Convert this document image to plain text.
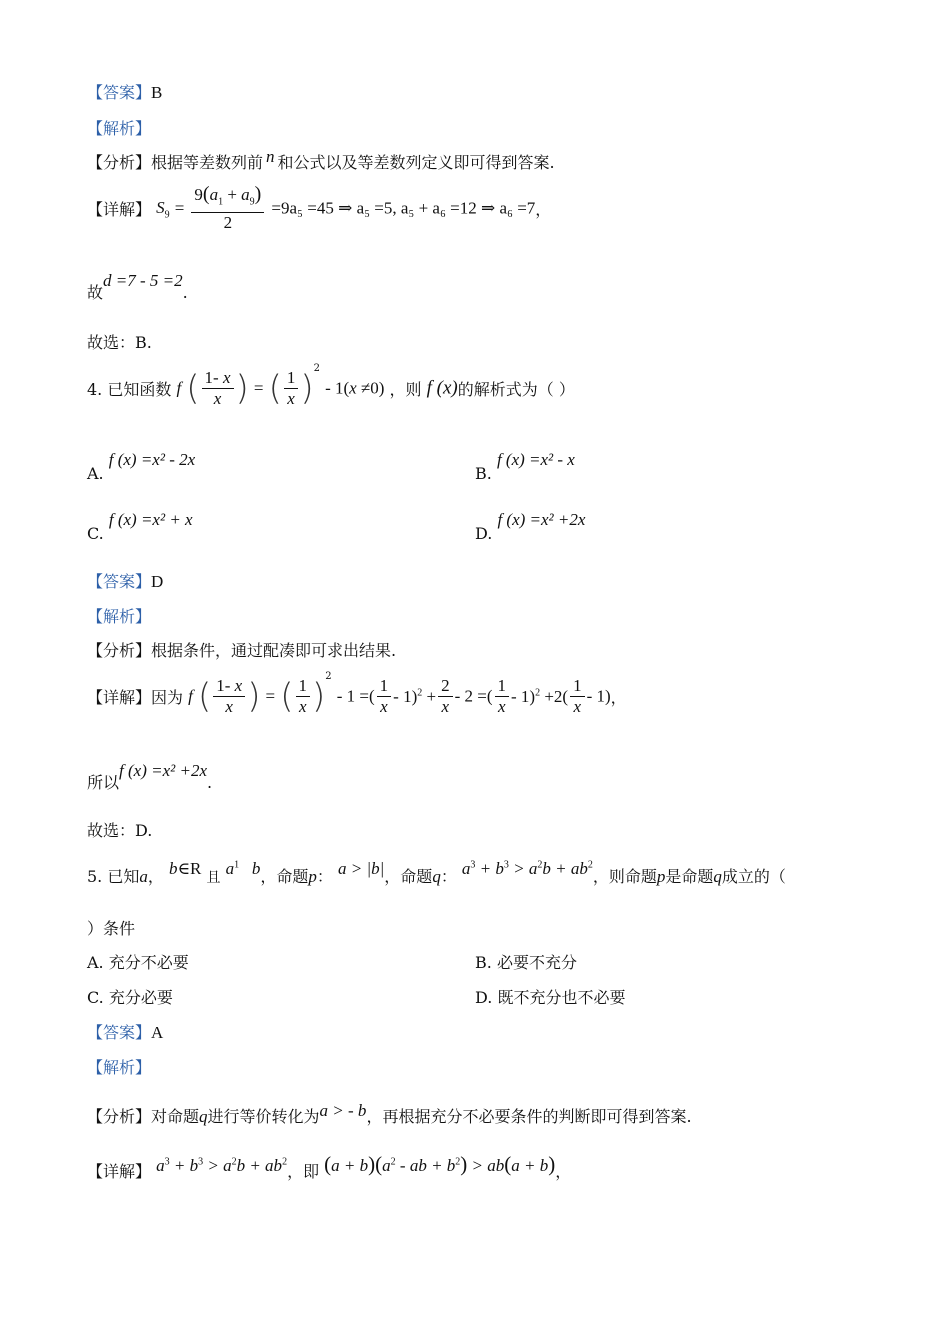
【答案】B
【解析】
【分析】根据等差数列前 n 和公式以及等差数列定义即可得到答案.
【详解】 $S_9 = \frac{9(a_1 + a_9)}{2} =9a_5 =45$ ⇒ a₅ =5, a₅ + a₆ =12 ⇒ a₆ =7，
故d =7 - 5 =2.
故选：B.
4. 已知函数 f ( $\frac{1- x}{x}$ ) = ( $\frac{1}{x} )^2 - 1(x \ne 0)$ ，则 f (x)的解析式为（ ）
A. f (x) =x² - 2x
B. f (x) =x² - x
C. f (x) =x² + x
D. f (x) =x² +2x
【答案】D
【解析】
【分析】根据条件，通过配凑即可求出结果.
【详解】因为 f ( $\frac{1- x}{x}$ ) = ( $\frac{1}{x} )^2 - 1$ =( $\frac{1}{x} - 1)^2 + \frac{2}{x} - 2$ =( $\frac{1}{x} - 1)^2 +2( \frac{1}{x} - 1)$，
所以f (x) =x² +2x.
故选：D.
5. 已知a， b∈R 且 $a^1$   b，命题p： a > |b|，命题q： $a^3 + b^3 > a^2b + ab^2$，则命题p是命题q成立的（
）条件
A. 充分不必要	B. 必要不充分
C. 充分必要	D. 既不充分也不必要
【答案】A
【解析】
【分析】对命题q进行等价转化为a > - b，再根据充分不必要条件的判断即可得到答案.
【详解】 $a^3 + b^3 > a^2b + ab^2$，即 $(a + b)(a^2$ - ab + $b^2) > ab(a + b)$，
